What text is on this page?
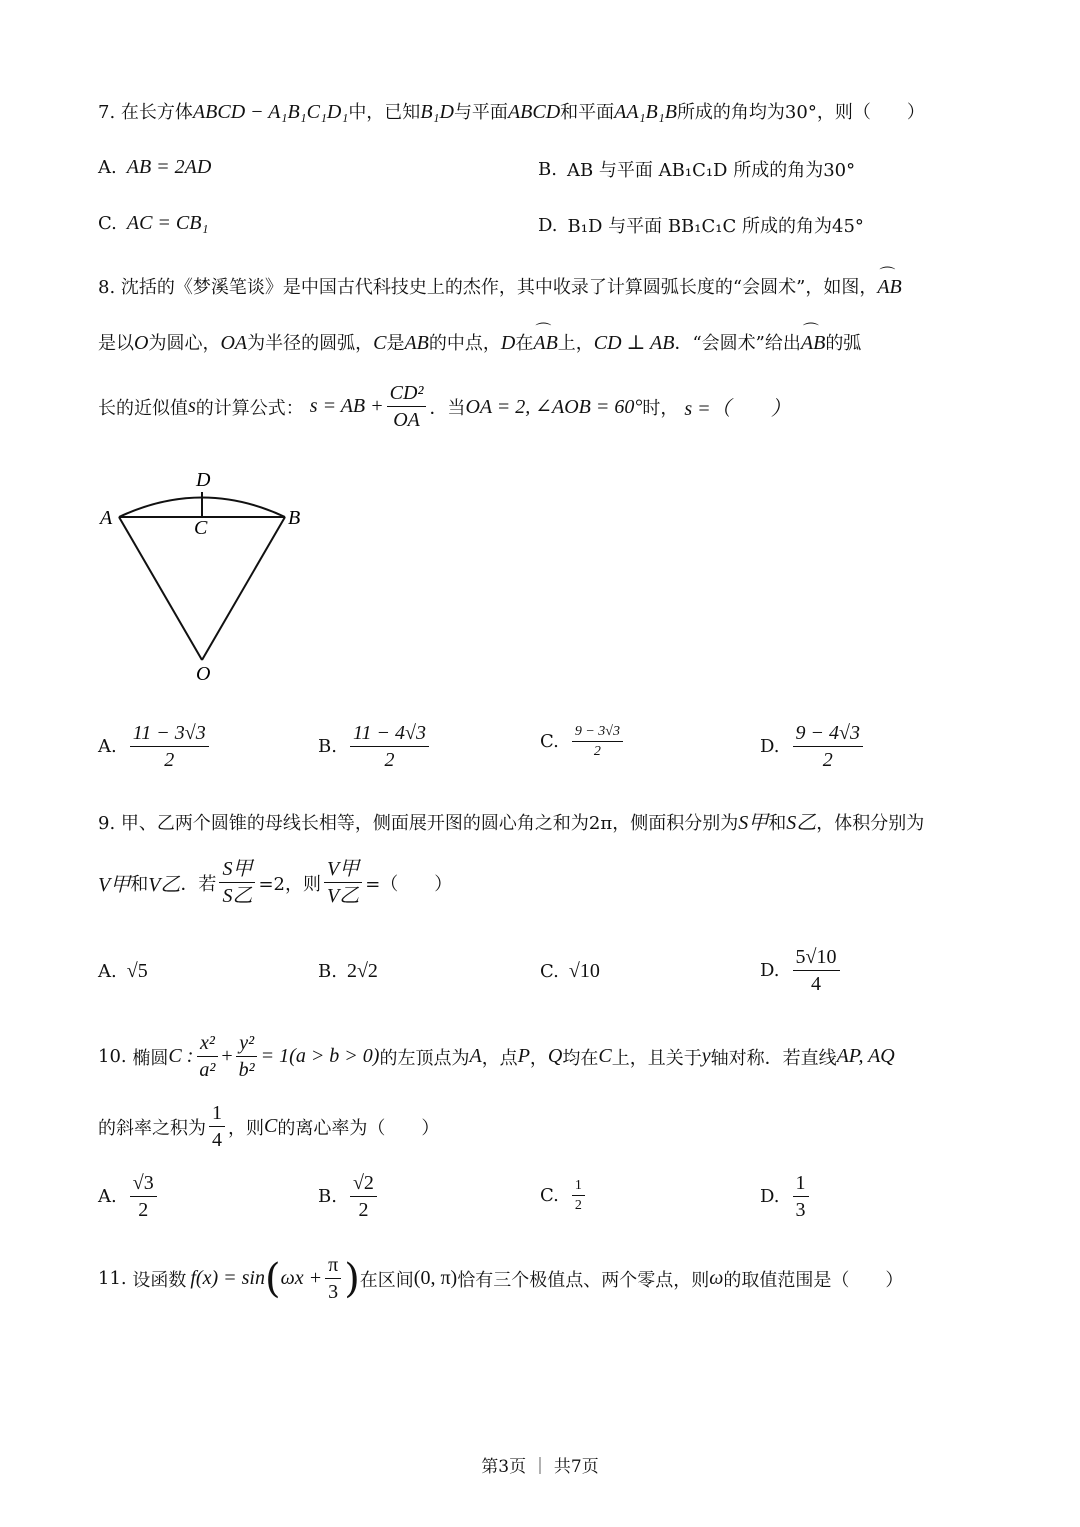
7. 在长方体ABCD − A₁B₁C₁D₁中，已知B₁D与平面ABCD和平面AA₁B₁B所成的角均为30°，则（　　）
A. AB = 2AD	B. AB 与平面 AB₁C₁D 所成的角为30°
C. AC = CB₁	D. B₁D 与平面 BB₁C₁C 所成的角为45°
8. 沈括的《梦溪笔谈》是中国古代科技史上的杰作，其中收录了计算圆弧长度的“会圆术”，如图，⌒ AB
是以O为圆心，OA为半径的圆弧，C是AB的中点，D在⌒ AB上，CD ⊥ AB．“会圆术”给出⌒ AB的弧
长的近似值 s 的计算公式： s = AB + $\frac{\text{CD²}}{OA}$ ．当 OA = 2, ∠AOB = 60° 时， s =（　　）
A	B
C
D
O
A. $\frac{11 - 3√3}{2}$	B. $\frac{11 - 4√3}{2}$	C. $\frac{9 - 3√3}{2}$	D. $\frac{9 - 4√3}{2}$
9. 甲、乙两个圆锥的母线长相等，侧面展开图的圆心角之和为2π，侧面积分别为S甲和S乙，体积分别为
V甲 和 V乙 ．若 $\frac{\text{S甲}}{\text{S乙}} =2$，则 $\frac{\text{V甲}}{\text{V乙}}$ =（　　）
A. √5	B. 2√2	C. √10	D. $\frac{5√10}{4}$
10.
椭圆 C : $\frac{\text{x²}}{\text{a²}} + \frac{\text{y²}}{\text{b²}} = 1(a > b > 0)$ 的左顶点为 A ，点 P ， Q 均在 C 上，且关于 y 轴对称．若直线 AP, AQ
的斜率之积为 $\frac{1}{4}$ ，则 C 的离心率为（　　）
A. $\frac{√3}{2}$	B. $\frac{√2}{2}$	C. $\frac{1}{2}$	D. $\frac{1}{3}$
11.
设函数 f(x) = sin ( $\omega x + \frac{\pi}{3}$ ) 在区间 (0, π) 恰有三个极值点、两个零点，则 ω 的取值范围是（　　）
第3页 ｜ 共7页
